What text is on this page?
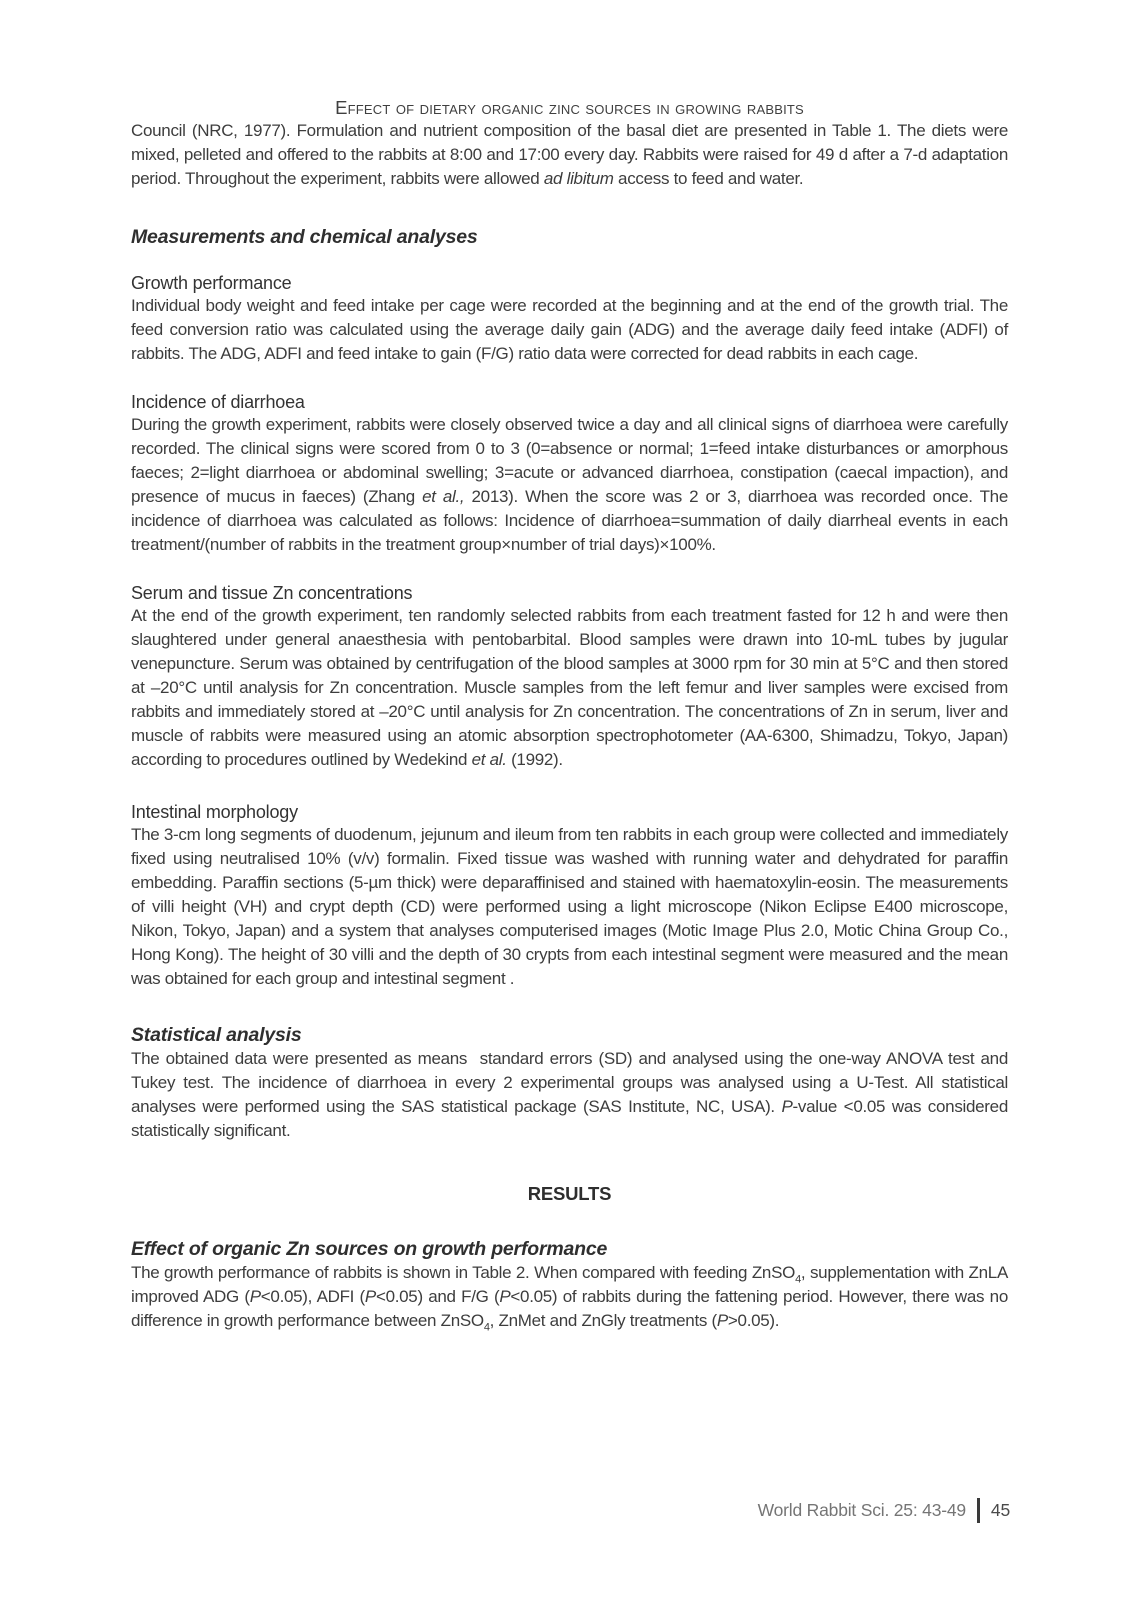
Effect of dietary organic zinc sources in growing rabbits

Council (NRC, 1977). Formulation and nutrient composition of the basal diet are presented in Table 1. The diets were mixed, pelleted and offered to the rabbits at 8:00 and 17:00 every day. Rabbits were raised for 49 d after a 7-d adaptation period. Throughout the experiment, rabbits were allowed ad libitum access to feed and water.

Measurements and chemical analyses
Growth performance

Individual body weight and feed intake per cage were recorded at the beginning and at the end of the growth trial. The feed conversion ratio was calculated using the average daily gain (ADG) and the average daily feed intake (ADFI) of rabbits. The ADG, ADFI and feed intake to gain (F/G) ratio data were corrected for dead rabbits in each cage.

Incidence of diarrhoea

During the growth experiment, rabbits were closely observed twice a day and all clinical signs of diarrhoea were carefully recorded. The clinical signs were scored from 0 to 3 (0=absence or normal; 1=feed intake disturbances or amorphous faeces; 2=light diarrhoea or abdominal swelling; 3=acute or advanced diarrhoea, constipation (caecal impaction), and presence of mucus in faeces) (Zhang et al., 2013). When the score was 2 or 3, diarrhoea was recorded once. The incidence of diarrhoea was calculated as follows: Incidence of diarrhoea=summation of daily diarrheal events in each treatment/(number of rabbits in the treatment group×number of trial days)×100%.

Serum and tissue Zn concentrations

At the end of the growth experiment, ten randomly selected rabbits from each treatment fasted for 12 h and were then slaughtered under general anaesthesia with pentobarbital. Blood samples were drawn into 10-mL tubes by jugular venepuncture. Serum was obtained by centrifugation of the blood samples at 3000 rpm for 30 min at 5°C and then stored at –20°C until analysis for Zn concentration. Muscle samples from the left femur and liver samples were excised from rabbits and immediately stored at –20°C until analysis for Zn concentration. The concentrations of Zn in serum, liver and muscle of rabbits were measured using an atomic absorption spectrophotometer (AA-6300, Shimadzu, Tokyo, Japan) according to procedures outlined by Wedekind et al. (1992).

Intestinal morphology

The 3-cm long segments of duodenum, jejunum and ileum from ten rabbits in each group were collected and immediately fixed using neutralised 10% (v/v) formalin. Fixed tissue was washed with running water and dehydrated for paraffin embedding. Paraffin sections (5-µm thick) were deparaffinised and stained with haematoxylin-eosin. The measurements of villi height (VH) and crypt depth (CD) were performed using a light microscope (Nikon Eclipse E400 microscope, Nikon, Tokyo, Japan) and a system that analyses computerised images (Motic Image Plus 2.0, Motic China Group Co., Hong Kong). The height of 30 villi and the depth of 30 crypts from each intestinal segment were measured and the mean was obtained for each group and intestinal segment .

Statistical analysis

The obtained data were presented as means  standard errors (SD) and analysed using the one-way ANOVA test and Tukey test. The incidence of diarrhoea in every 2 experimental groups was analysed using a U-Test. All statistical analyses were performed using the SAS statistical package (SAS Institute, NC, USA). P-value <0.05 was considered statistically significant.

RESULTS
Effect of organic Zn sources on growth performance

The growth performance of rabbits is shown in Table 2. When compared with feeding ZnSO$_4$, supplementation with ZnLA improved ADG (P<0.05), ADFI (P<0.05) and F/G (P<0.05) of rabbits during the fattening period. However, there was no difference in growth performance between ZnSO$_4$, ZnMet and ZnGly treatments (P>0.05).

World Rabbit Sci. 25: 43-49 45
